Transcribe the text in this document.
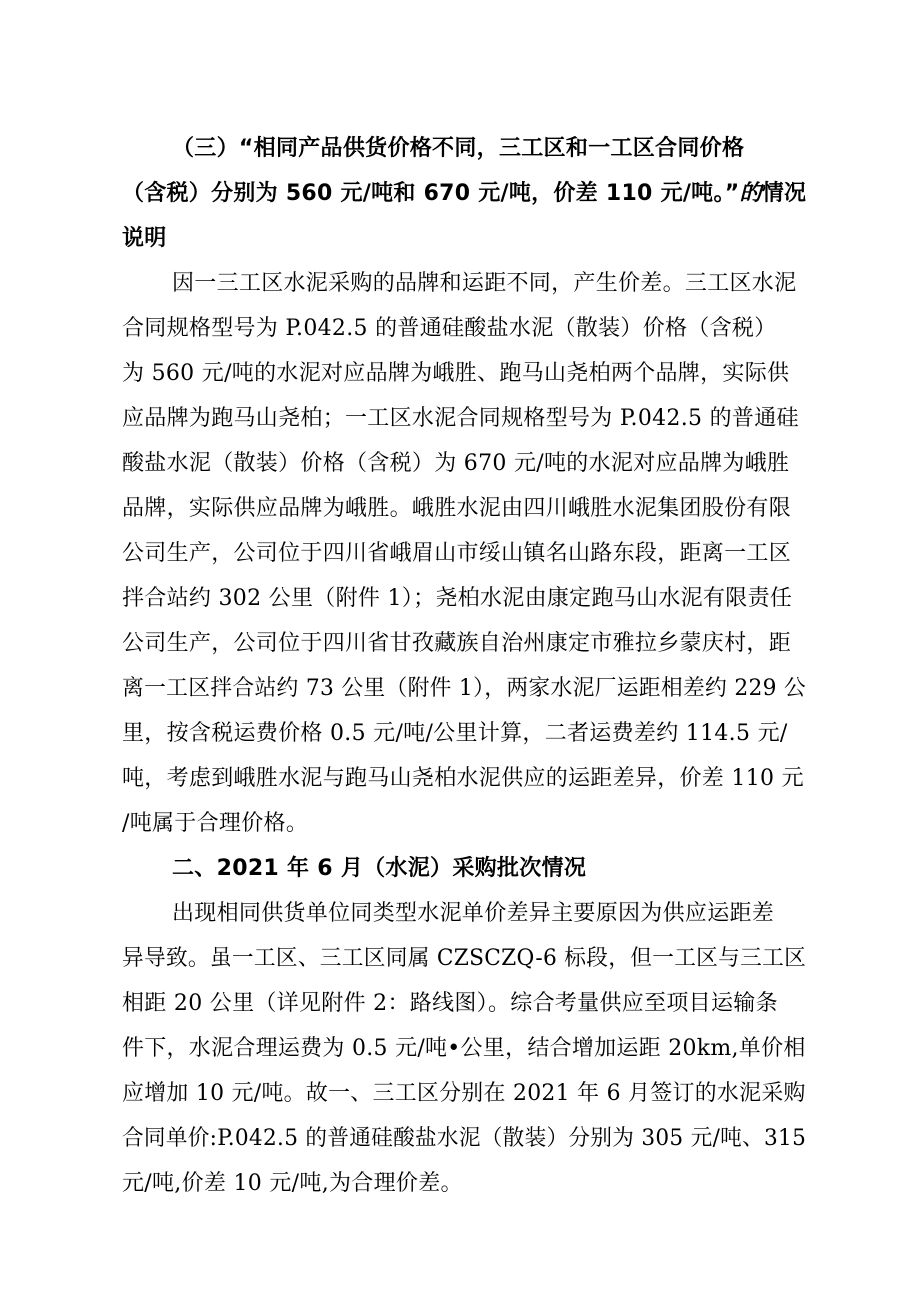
（三）“相同产品供货价格不同，三工区和一工区合同价格
（含税）分别为 560 元/吨和 670 元/吨，价差 110 元/吨。”的情况
说明
因一三工区水泥采购的品牌和运距不同，产生价差。三工区水泥
合同规格型号为 P.042.5 的普通硅酸盐水泥（散装）价格（含税）
为 560 元/吨的水泥对应品牌为峨胜、跑马山尧柏两个品牌，实际供
应品牌为跑马山尧柏；一工区水泥合同规格型号为 P.042.5 的普通硅
酸盐水泥（散装）价格（含税）为 670 元/吨的水泥对应品牌为峨胜
品牌，实际供应品牌为峨胜。峨胜水泥由四川峨胜水泥集团股份有限
公司生产，公司位于四川省峨眉山市绥山镇名山路东段，距离一工区
拌合站约 302 公里（附件 1）；尧柏水泥由康定跑马山水泥有限责任
公司生产，公司位于四川省甘孜藏族自治州康定市雅拉乡蒙庆村，距
离一工区拌合站约 73 公里（附件 1），两家水泥厂运距相差约 229 公
里，按含税运费价格 0.5 元/吨/公里计算，二者运费差约 114.5 元/
吨，考虑到峨胜水泥与跑马山尧柏水泥供应的运距差异，价差 110 元
/吨属于合理价格。
二、2021 年 6 月（水泥）采购批次情况
出现相同供货单位同类型水泥单价差异主要原因为供应运距差
异导致。虽一工区、三工区同属 CZSCZQ-6 标段，但一工区与三工区
相距 20 公里（详见附件 2：路线图）。综合考量供应至项目运输条
件下，水泥合理运费为 0.5 元/吨•公里，结合增加运距 20km,单价相
应增加 10 元/吨。故一、三工区分别在 2021 年 6 月签订的水泥采购
合同单价:P.042.5 的普通硅酸盐水泥（散装）分别为 305 元/吨、315
元/吨,价差 10 元/吨,为合理价差。
